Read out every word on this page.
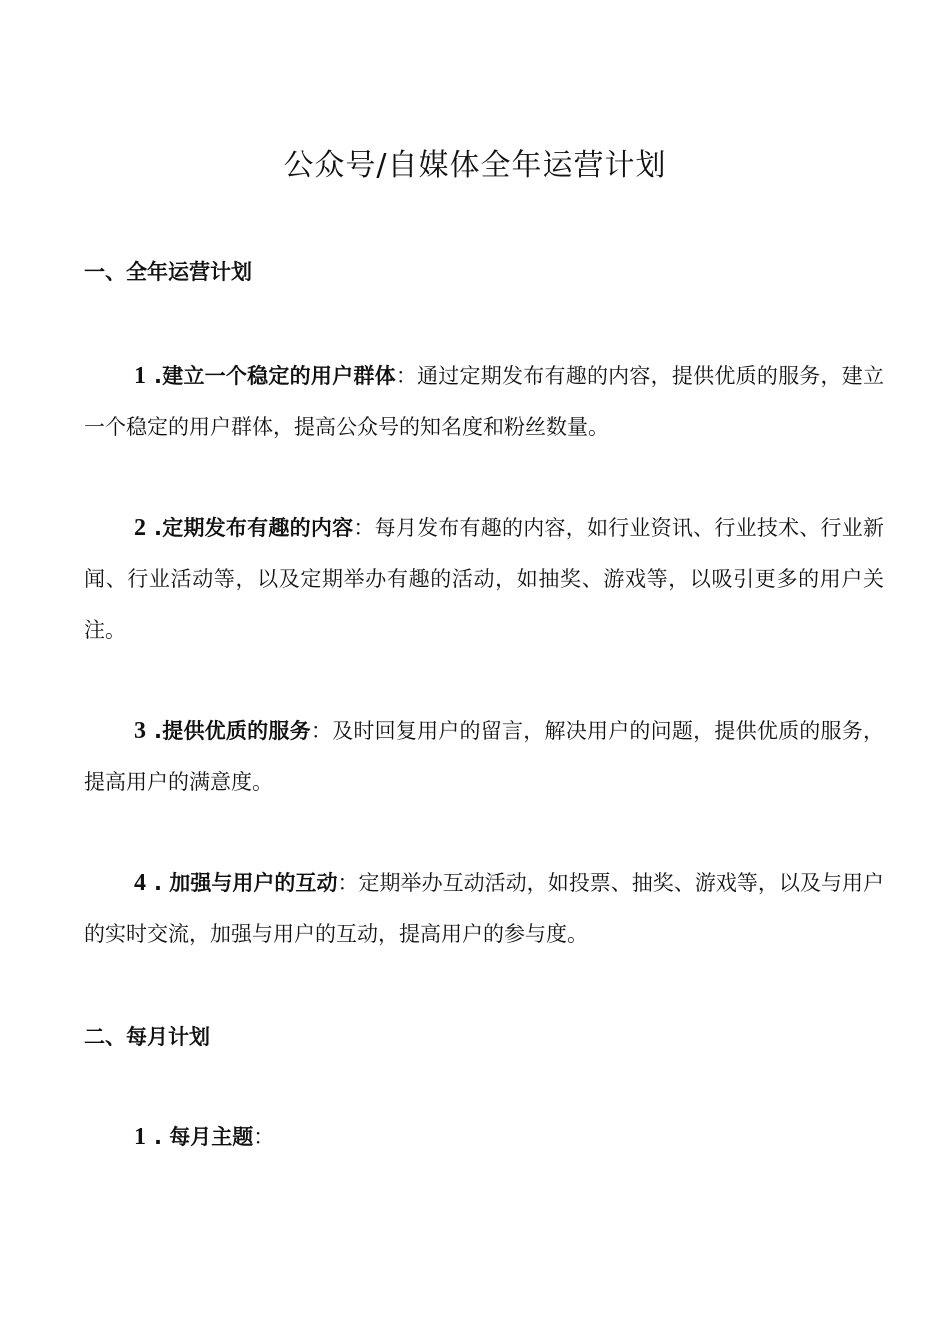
公众号/自媒体全年运营计划
一、全年运营计划

1 .建立一个稳定的用户群体：通过定期发布有趣的内容，提供优质的服务，建立一个稳定的用户群体，提高公众号的知名度和粉丝数量。

2 .定期发布有趣的内容：每月发布有趣的内容，如行业资讯、行业技术、行业新闻、行业活动等，以及定期举办有趣的活动，如抽奖、游戏等，以吸引更多的用户关注。

3 .提供优质的服务：及时回复用户的留言，解决用户的问题，提供优质的服务，提高用户的满意度。

4 . 加强与用户的互动：定期举办互动活动，如投票、抽奖、游戏等，以及与用户的实时交流，加强与用户的互动，提高用户的参与度。

二、每月计划

1 . 每月主题：
